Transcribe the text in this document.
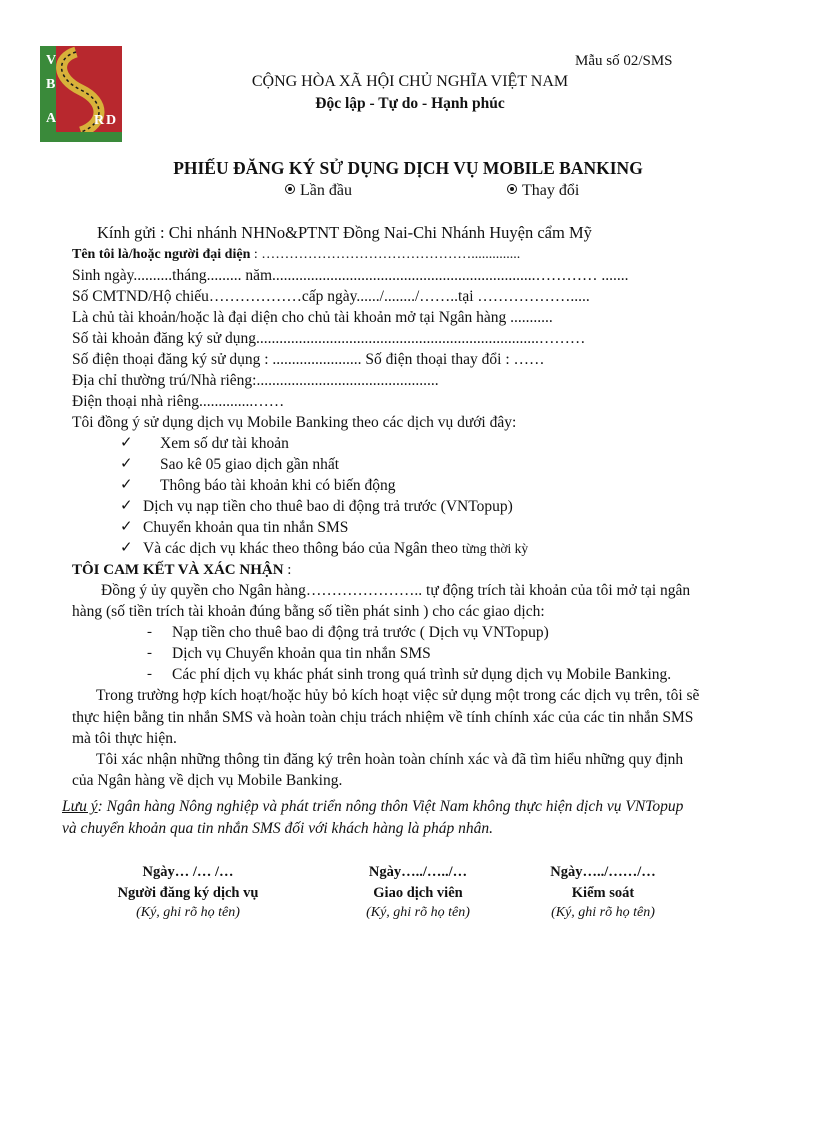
V
B
A	R D
Mẫu số 02/SMS
CỘNG HÒA XÃ HỘI CHỦ NGHĨA VIỆT NAM
Độc lập - Tự do - Hạnh phúc
PHIẾU ĐĂNG KÝ SỬ DỤNG DỊCH VỤ MOBILE BANKING
Lần đầu	Thay đổi
Kính gửi : Chi nhánh NHNo&PTNT Đồng Nai-Chi Nhánh Huyện cẩm Mỹ
Tên tôi là/hoặc người đại diện : ………………………………………..............
Sinh ngày..........tháng......... năm....................................................................………… .......
Số CMTND/Hộ chiếu………………cấp ngày....../......../……..tại ……………….....
Là chủ tài khoản/hoặc là đại diện cho chủ tài khoản mở tại Ngân hàng ...........
Số tài khoản đăng ký sử dụng.........................................................................………
Số điện thoại đăng ký sử dụng : ....................... Số điện thoại thay đổi : ……
Địa chỉ thường trú/Nhà riêng:...............................................
Điện thoại nhà riêng..............……
Tôi đồng ý sử dụng dịch vụ Mobile Banking theo các dịch vụ dưới đây:
✓ Xem số dư tài khoản
✓ Sao kê 05 giao dịch gần nhất
✓ Thông báo tài khoản khi có biến động
✓ Dịch vụ nạp tiền cho thuê bao di động trả trước (VNTopup)
✓ Chuyển khoản qua tin nhắn SMS
✓ Và các dịch vụ khác theo thông báo của Ngân theo từng thời kỳ
TÔI CAM KẾT VÀ XÁC NHẬN :
Đồng ý ủy quyền cho Ngân hàng………………….. tự động trích tài khoản của tôi mở tại ngân
hàng (số tiền trích tài khoản đúng bằng số tiền phát sinh ) cho các giao dịch:
- Nạp tiền cho thuê bao di động trả trước ( Dịch vụ VNTopup)
- Dịch vụ Chuyển khoản qua tin nhắn SMS
- Các phí dịch vụ khác phát sinh trong quá trình sử dụng dịch vụ Mobile Banking.
Trong trường hợp kích hoạt/hoặc hủy bỏ kích hoạt việc sử dụng một trong các dịch vụ trên, tôi sẽ
thực hiện bằng tin nhắn SMS và hoàn toàn chịu trách nhiệm về tính chính xác của các tin nhắn SMS
mà tôi thực hiện.
Tôi xác nhận những thông tin đăng ký trên hoàn toàn chính xác và đã tìm hiểu những quy định
của Ngân hàng về dịch vụ Mobile Banking.
Lưu ý: Ngân hàng Nông nghiệp và phát triển nông thôn Việt Nam không thực hiện dịch vụ VNTopup
và chuyển khoản qua tin nhắn SMS đối với khách hàng là pháp nhân.
Ngày… /… /…
Người đăng ký dịch vụ
(Ký, ghi rõ họ tên)
Ngày…../…../…
Giao dịch viên
(Ký, ghi rõ họ tên)
Ngày…../……/…
Kiểm soát
(Ký, ghi rõ họ tên)
